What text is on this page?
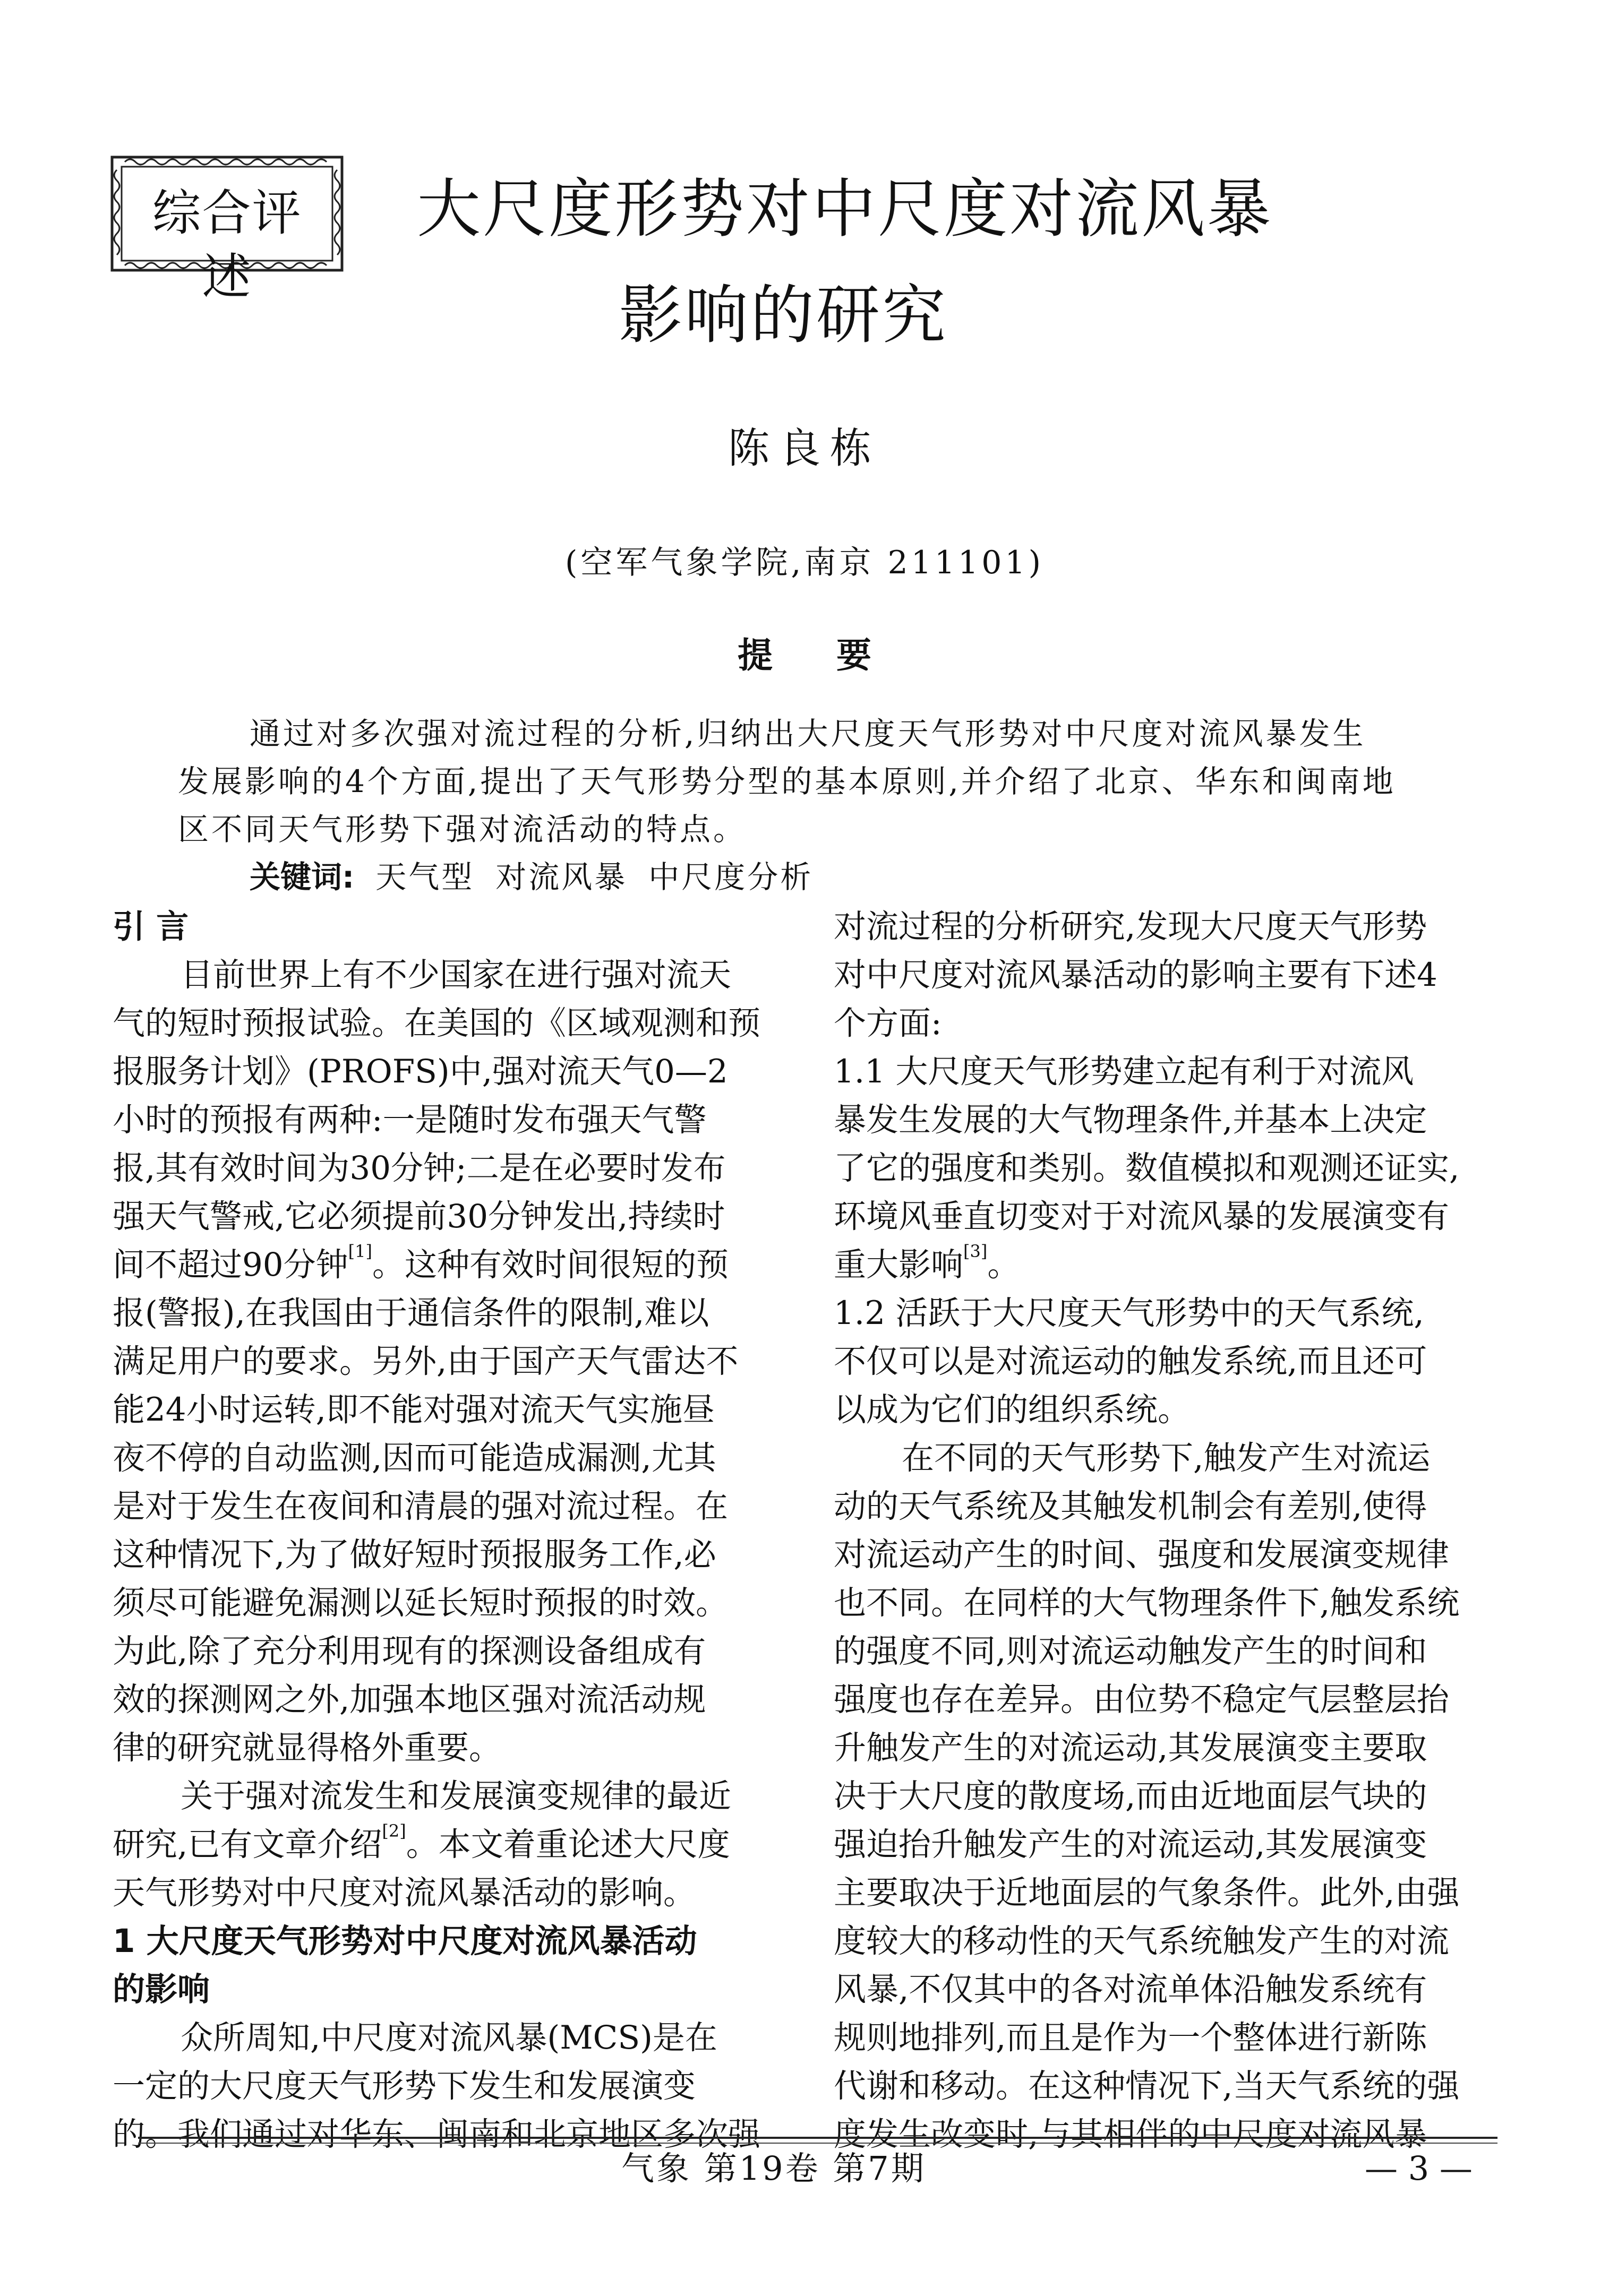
综合评述
大尺度形势对中尺度对流风暴
影响的研究
陈良栋
(空军气象学院,南京 211101)
提 要
通过对多次强对流过程的分析,归纳出大尺度天气形势对中尺度对流风暴发生
发展影响的4个方面,提出了天气形势分型的基本原则,并介绍了北京、华东和闽南地
区不同天气形势下强对流活动的特点。
关键词: 天气型 对流风暴 中尺度分析
引 言
目前世界上有不少国家在进行强对流天
气的短时预报试验。在美国的《区域观测和预
报服务计划》(PROFS)中,强对流天气0—2
小时的预报有两种:一是随时发布强天气警
报,其有效时间为30分钟;二是在必要时发布
强天气警戒,它必须提前30分钟发出,持续时
间不超过90分钟[1]。这种有效时间很短的预
报(警报),在我国由于通信条件的限制,难以
满足用户的要求。另外,由于国产天气雷达不
能24小时运转,即不能对强对流天气实施昼
夜不停的自动监测,因而可能造成漏测,尤其
是对于发生在夜间和清晨的强对流过程。在
这种情况下,为了做好短时预报服务工作,必
须尽可能避免漏测以延长短时预报的时效。
为此,除了充分利用现有的探测设备组成有
效的探测网之外,加强本地区强对流活动规
律的研究就显得格外重要。
关于强对流发生和发展演变规律的最近
研究,已有文章介绍[2]。本文着重论述大尺度
天气形势对中尺度对流风暴活动的影响。
1 大尺度天气形势对中尺度对流风暴活动
的影响
众所周知,中尺度对流风暴(MCS)是在
一定的大尺度天气形势下发生和发展演变
的。我们通过对华东、闽南和北京地区多次强
对流过程的分析研究,发现大尺度天气形势
对中尺度对流风暴活动的影响主要有下述4
个方面:
1.1 大尺度天气形势建立起有利于对流风
暴发生发展的大气物理条件,并基本上决定
了它的强度和类别。数值模拟和观测还证实,
环境风垂直切变对于对流风暴的发展演变有
重大影响[3]。
1.2 活跃于大尺度天气形势中的天气系统,
不仅可以是对流运动的触发系统,而且还可
以成为它们的组织系统。
在不同的天气形势下,触发产生对流运
动的天气系统及其触发机制会有差别,使得
对流运动产生的时间、强度和发展演变规律
也不同。在同样的大气物理条件下,触发系统
的强度不同,则对流运动触发产生的时间和
强度也存在差异。由位势不稳定气层整层抬
升触发产生的对流运动,其发展演变主要取
决于大尺度的散度场,而由近地面层气块的
强迫抬升触发产生的对流运动,其发展演变
主要取决于近地面层的气象条件。此外,由强
度较大的移动性的天气系统触发产生的对流
风暴,不仅其中的各对流单体沿触发系统有
规则地排列,而且是作为一个整体进行新陈
代谢和移动。在这种情况下,当天气系统的强
度发生改变时,与其相伴的中尺度对流风暴
气象 第19卷 第7期	— 3 —
